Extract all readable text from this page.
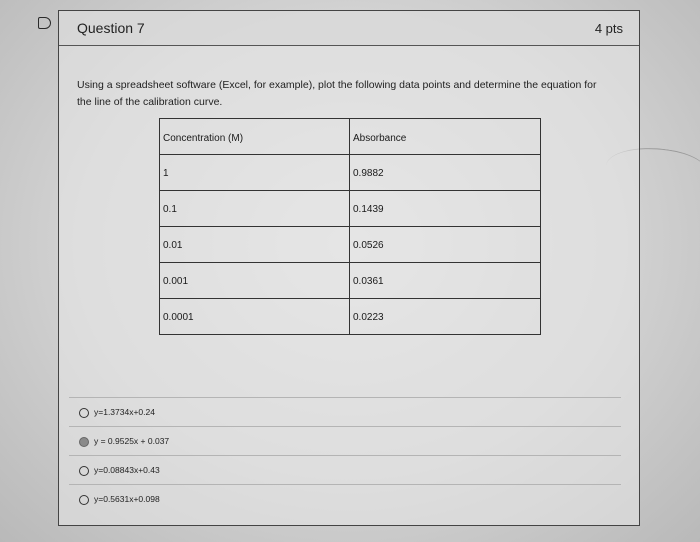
Question 7	4 pts
Using a spreadsheet software (Excel, for example), plot the following data points and determine the equation for the line of the calibration curve.
Concentration (M)	Absorbance
1	0.9882
0.1	0.1439
0.01	0.0526
0.001	0.0361
0.0001	0.0223
y=1.3734x+0.24
y = 0.9525x + 0.037
y=0.08843x+0.43
y=0.5631x+0.098
